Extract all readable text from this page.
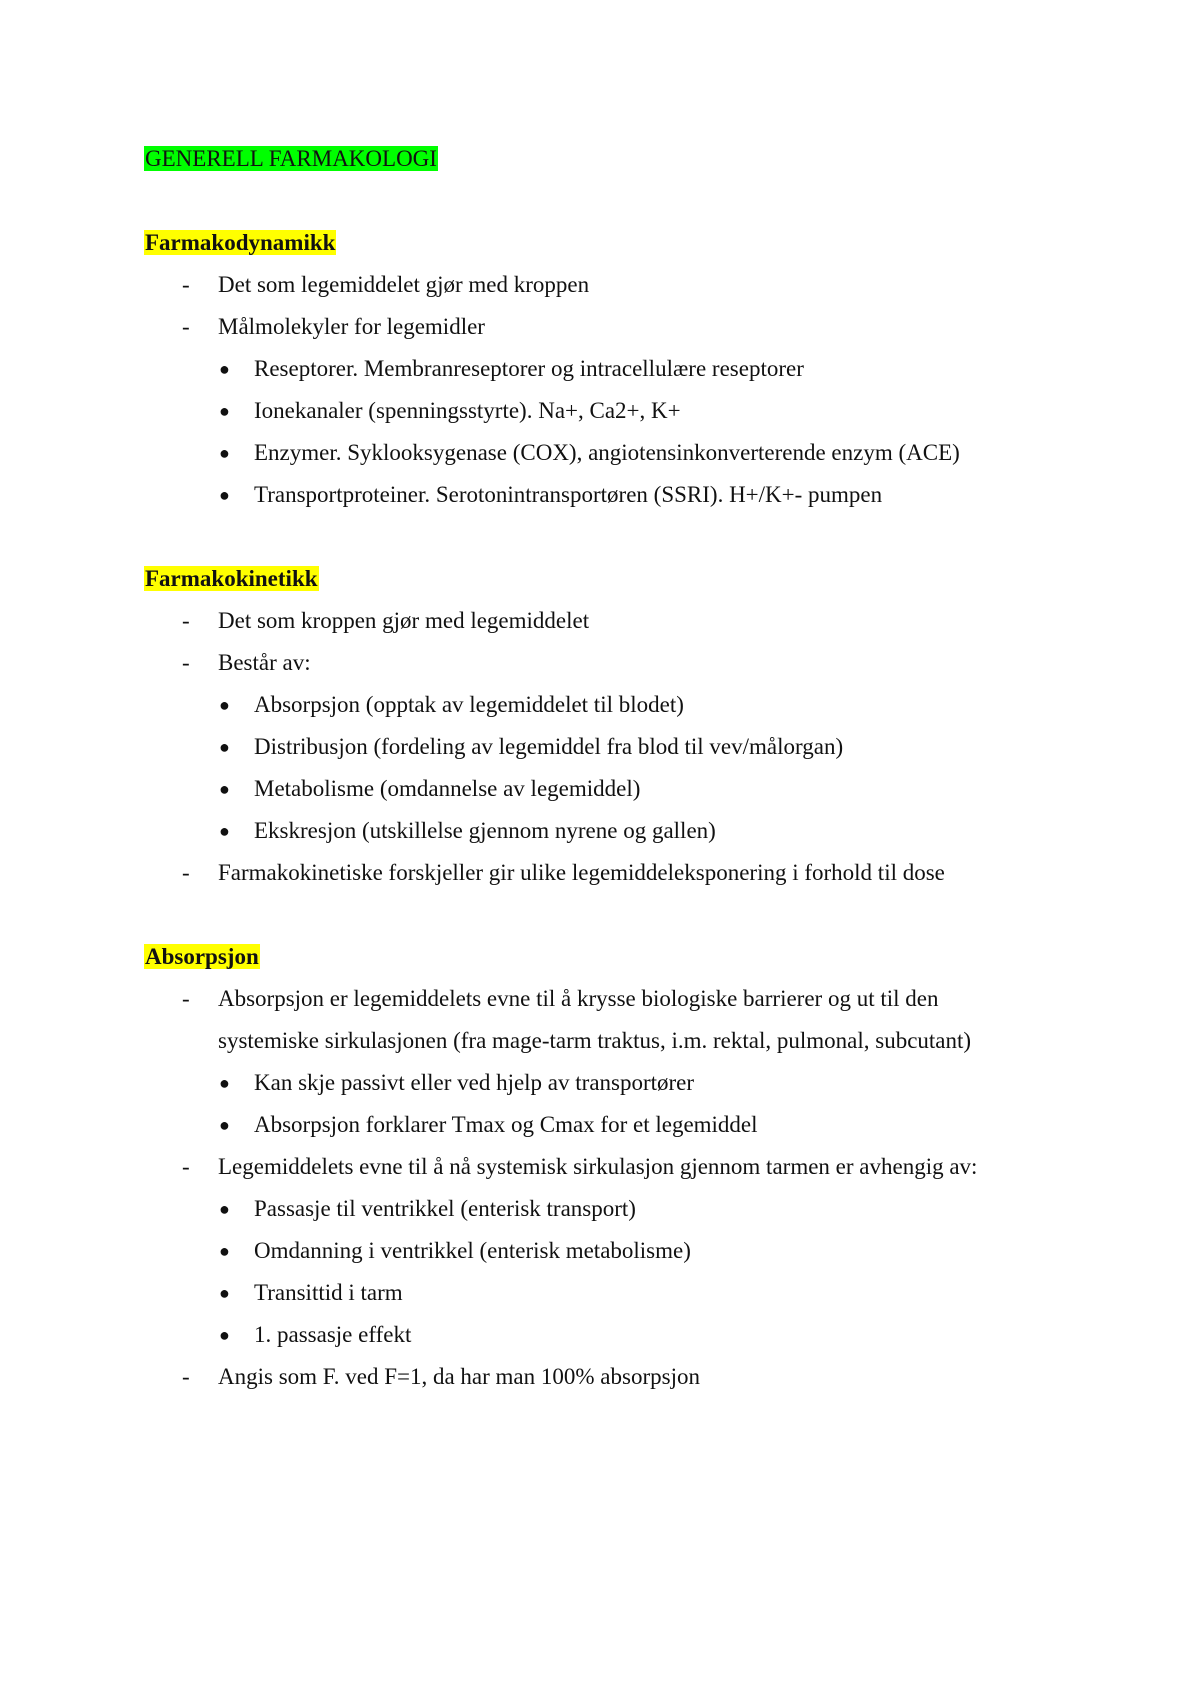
GENERELL FARMAKOLOGI
Farmakodynamikk
- Det som legemiddelet gjør med kroppen
- Målmolekyler for legemidler
● Reseptorer. Membranreseptorer og intracellulære reseptorer
● Ionekanaler (spenningsstyrte). Na+, Ca2+, K+
● Enzymer. Syklooksygenase (COX), angiotensinkonverterende enzym (ACE)
● Transportproteiner. Serotonintransportøren (SSRI). H+/K+- pumpen
Farmakokinetikk
- Det som kroppen gjør med legemiddelet
- Består av:
● Absorpsjon (opptak av legemiddelet til blodet)
● Distribusjon (fordeling av legemiddel fra blod til vev/målorgan)
● Metabolisme (omdannelse av legemiddel)
● Ekskresjon (utskillelse gjennom nyrene og gallen)
- Farmakokinetiske forskjeller gir ulike legemiddeleksponering i forhold til dose
Absorpsjon
- Absorpsjon er legemiddelets evne til å krysse biologiske barrierer og ut til den
systemiske sirkulasjonen (fra mage-tarm traktus, i.m. rektal, pulmonal, subcutant)
● Kan skje passivt eller ved hjelp av transportører
● Absorpsjon forklarer Tmax og Cmax for et legemiddel
- Legemiddelets evne til å nå systemisk sirkulasjon gjennom tarmen er avhengig av:
● Passasje til ventrikkel (enterisk transport)
● Omdanning i ventrikkel (enterisk metabolisme)
● Transittid i tarm
● 1. passasje effekt
- Angis som F. ved F=1, da har man 100% absorpsjon
